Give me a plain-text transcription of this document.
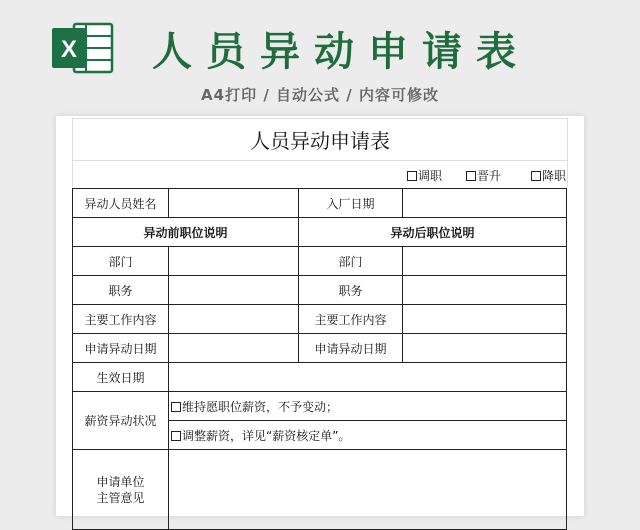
X 人员异动申请表
A4打印 / 自动公式 / 内容可修改
人员异动申请表
调职	晋升	降职
异动人员姓名		入厂日期	
异动前职位说明		异动后职位说明	
部门		部门	
职务		职务	
主要工作内容		主要工作内容	
申请异动日期		申请异动日期	
生效日期			
薪资异动状况	维持愿职位薪资，不予变动；		
	调整薪资，详见“薪资核定单”。		
申请单位
主管意见			
